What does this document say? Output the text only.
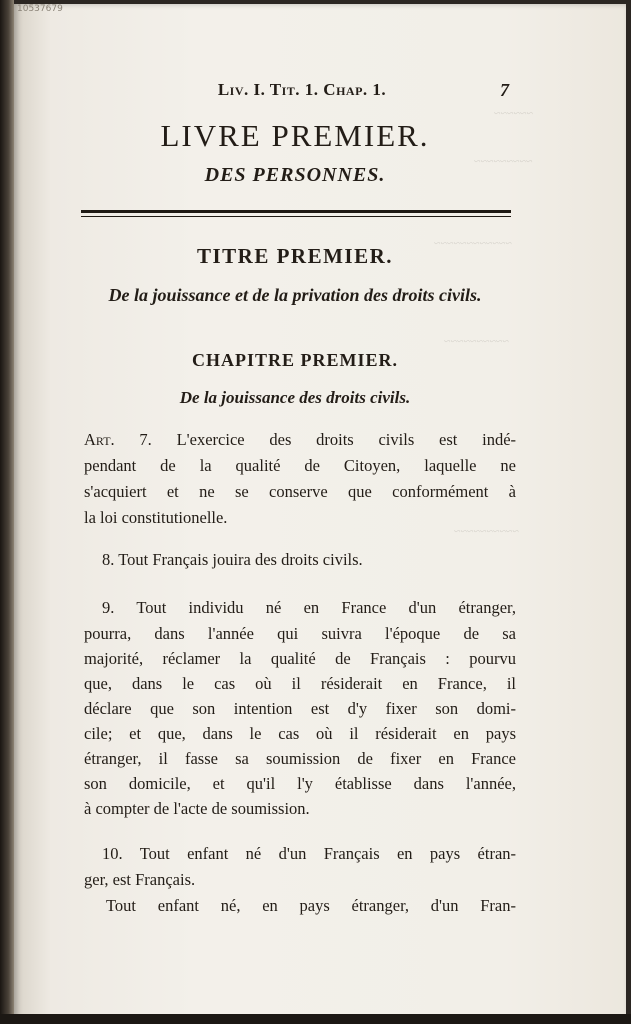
10537679
~~~~~~
~~~~~~~~~
~~~~~~~~~~~~
~~~~~~~~~~
~~~~~~~~~~
Liv. I. Tit. 1. Chap. 1.	7
LIVRE PREMIER.
DES PERSONNES.
TITRE PREMIER.
De la jouissance et de la privation des droits civils.
CHAPITRE PREMIER.
De la jouissance des droits civils.
Art. 7. L'exercice des droits civils est indé-
pendant de la qualité de Citoyen, laquelle ne
s'acquiert et ne se conserve que conformément à
la loi constitutionelle.
8. Tout Français jouira des droits civils.
9. Tout individu né en France d'un étranger,
pourra, dans l'année qui suivra l'époque de sa
majorité, réclamer la qualité de Français : pourvu
que, dans le cas où il résiderait en France, il
déclare que son intention est d'y fixer son domi-
cile; et que, dans le cas où il résiderait en pays
étranger, il fasse sa soumission de fixer en France
son domicile, et qu'il l'y établisse dans l'année,
à compter de l'acte de soumission.
10. Tout enfant né d'un Français en pays étran-
ger, est Français.
Tout enfant né, en pays étranger, d'un Fran-
